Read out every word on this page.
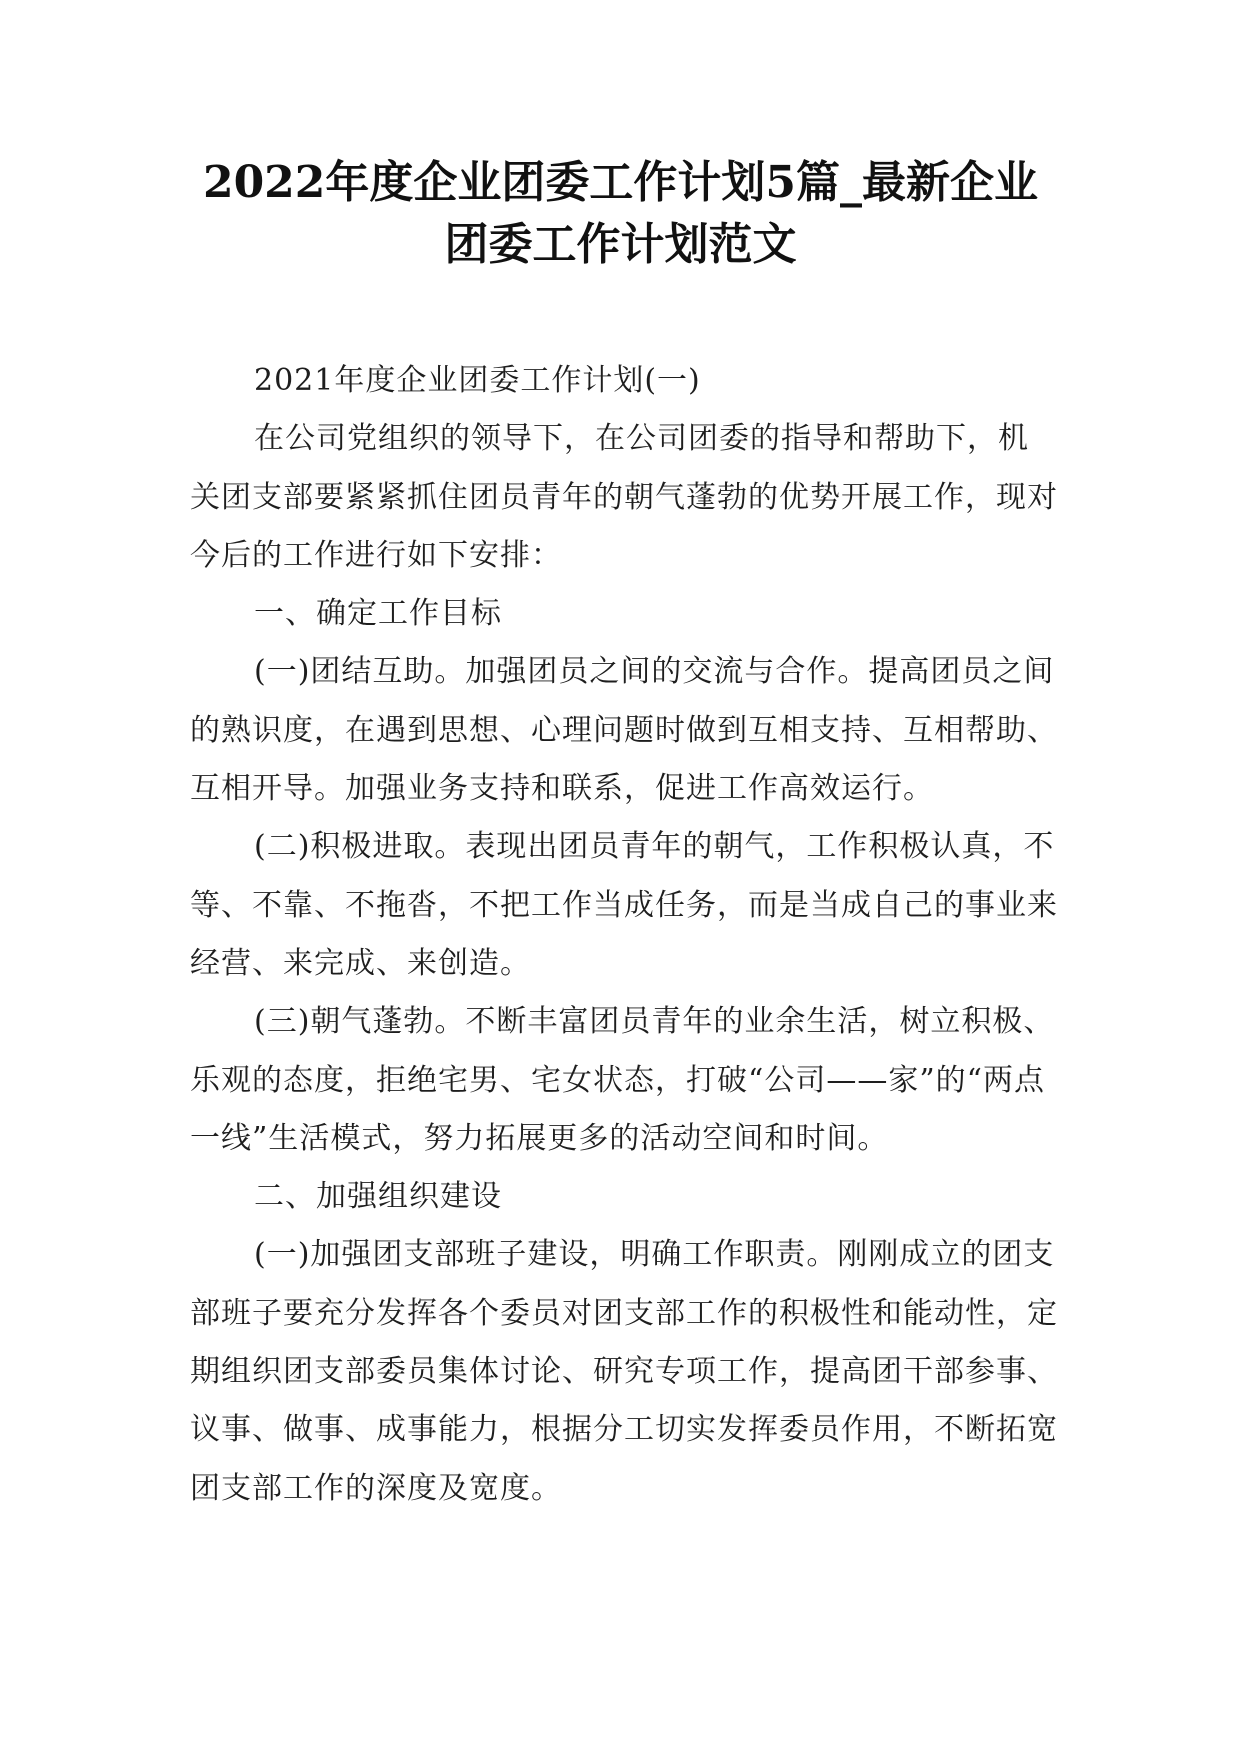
2022年度企业团委工作计划5篇_最新企业
团委工作计划范文

2021年度企业团委工作计划(一)

在公司党组织的领导下，在公司团委的指导和帮助下，机关团支部要紧紧抓住团员青年的朝气蓬勃的优势开展工作，现对今后的工作进行如下安排：

一、确定工作目标

(一)团结互助。加强团员之间的交流与合作。提高团员之间的熟识度，在遇到思想、心理问题时做到互相支持、互相帮助、互相开导。加强业务支持和联系，促进工作高效运行。

(二)积极进取。表现出团员青年的朝气，工作积极认真，不等、不靠、不拖沓，不把工作当成任务，而是当成自己的事业来经营、来完成、来创造。

(三)朝气蓬勃。不断丰富团员青年的业余生活，树立积极、乐观的态度，拒绝宅男、宅女状态，打破“公司——家”的“两点一线”生活模式，努力拓展更多的活动空间和时间。

二、加强组织建设

(一)加强团支部班子建设，明确工作职责。刚刚成立的团支部班子要充分发挥各个委员对团支部工作的积极性和能动性，定期组织团支部委员集体讨论、研究专项工作，提高团干部参事、议事、做事、成事能力，根据分工切实发挥委员作用，不断拓宽团支部工作的深度及宽度。
